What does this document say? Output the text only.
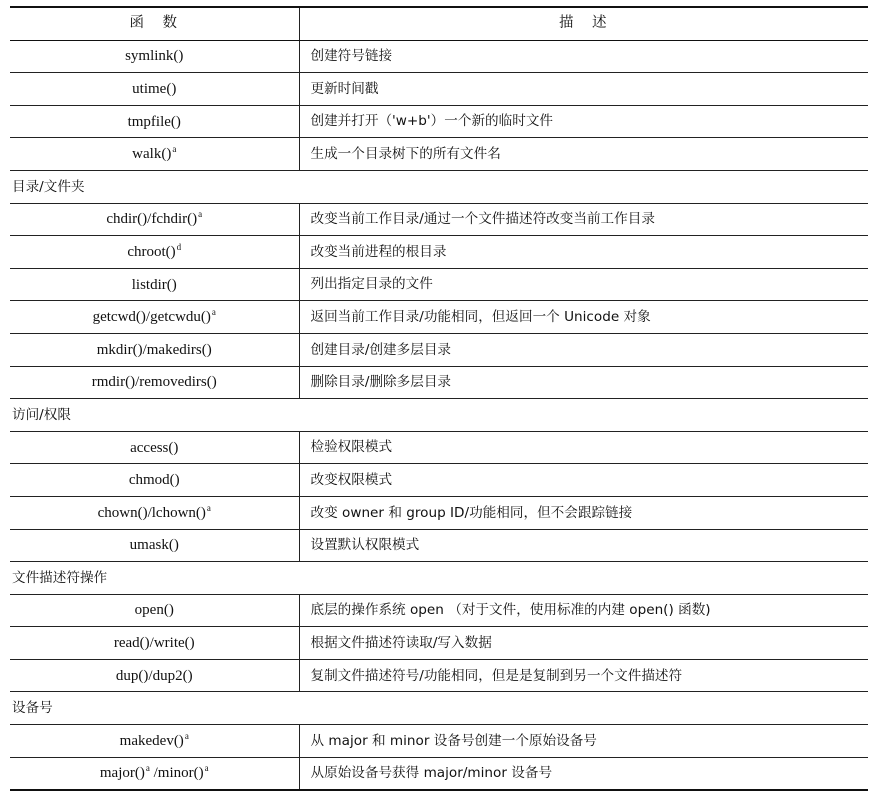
函　数	描　述
symlink()	创建符号链接
utime()	更新时间戳
tmpfile()	创建并打开（'w+b'）一个新的临时文件
walk()$^a$	生成一个目录树下的所有文件名
目录/文件夹	
chdir()/fchdir()$^a$	改变当前工作目录/通过一个文件描述符改变当前工作目录
chroot()$^d$	改变当前进程的根目录
listdir()	列出指定目录的文件
getcwd()/getcwdu()$^a$	返回当前工作目录/功能相同，但返回一个 Unicode 对象
mkdir()/makedirs()	创建目录/创建多层目录
rmdir()/removedirs()	删除目录/删除多层目录
访问/权限	
access()	检验权限模式
chmod()	改变权限模式
chown()/lchown()$^a$	改变 owner 和 group ID/功能相同，但不会跟踪链接
umask()	设置默认权限模式
文件描述符操作	
open()	底层的操作系统 open （对于文件，使用标准的内建 open() 函数)
read()/write()	根据文件描述符读取/写入数据
dup()/dup2()	复制文件描述符号/功能相同，但是是复制到另一个文件描述符
设备号	
makedev()$^a$	从 major 和 minor 设备号创建一个原始设备号
major()$^a$ /minor()$^a$	从原始设备号获得 major/minor 设备号
